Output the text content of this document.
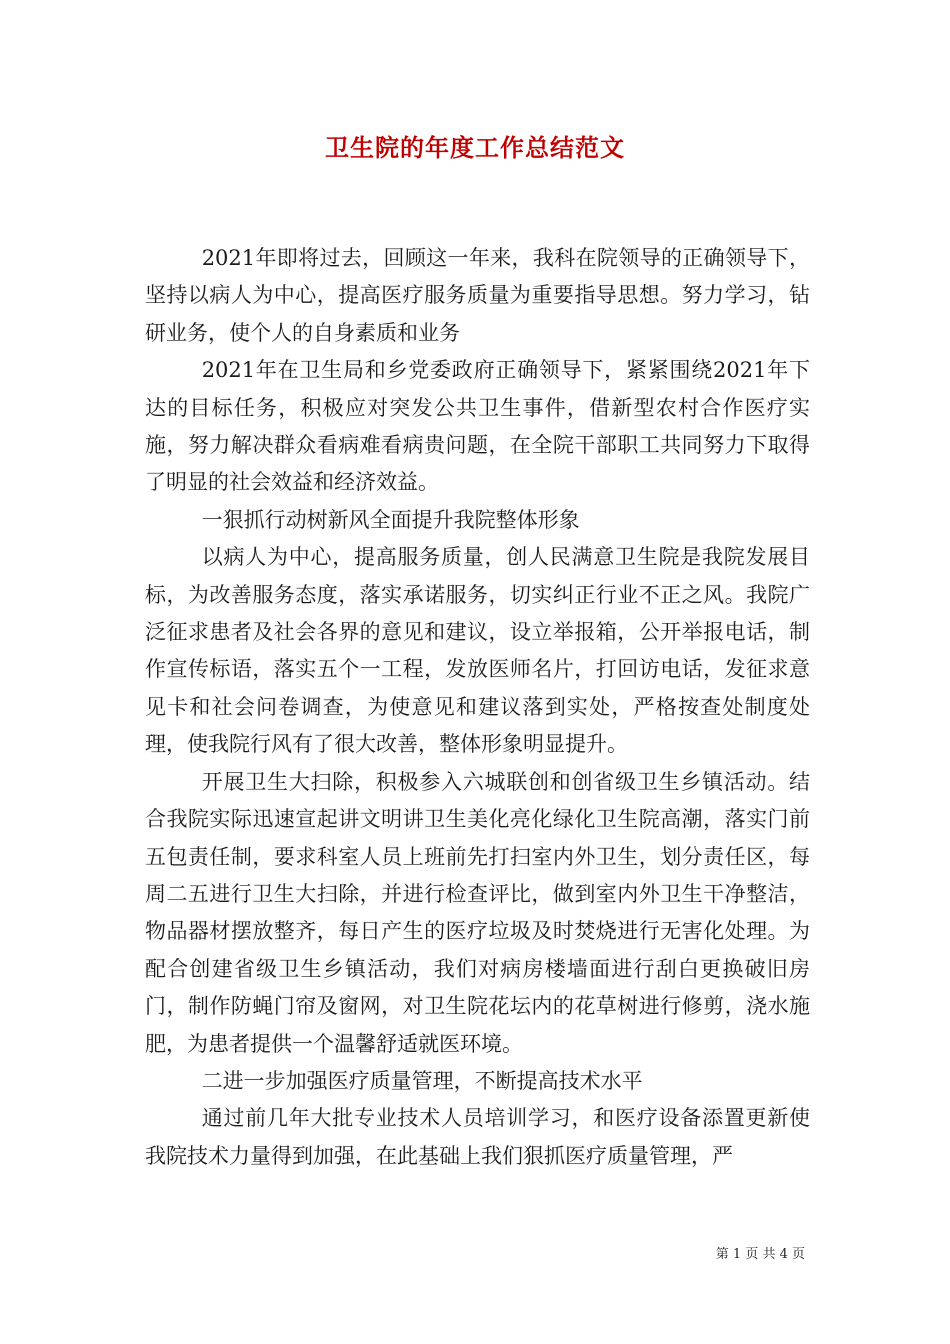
卫生院的年度工作总结范文

2021年即将过去，回顾这一年来，我科在院领导的正确领导下，坚持以病人为中心，提高医疗服务质量为重要指导思想。努力学习，钻研业务，使个人的自身素质和业务

2021年在卫生局和乡党委政府正确领导下，紧紧围绕2021年下达的目标任务，积极应对突发公共卫生事件，借新型农村合作医疗实施，努力解决群众看病难看病贵问题，在全院干部职工共同努力下取得了明显的社会效益和经济效益。

一狠抓行动树新风全面提升我院整体形象

以病人为中心，提高服务质量，创人民满意卫生院是我院发展目标，为改善服务态度，落实承诺服务，切实纠正行业不正之风。我院广泛征求患者及社会各界的意见和建议，设立举报箱，公开举报电话，制作宣传标语，落实五个一工程，发放医师名片，打回访电话，发征求意见卡和社会问卷调查，为使意见和建议落到实处，严格按查处制度处理，使我院行风有了很大改善，整体形象明显提升。

开展卫生大扫除，积极参入六城联创和创省级卫生乡镇活动。结合我院实际迅速宣起讲文明讲卫生美化亮化绿化卫生院高潮，落实门前五包责任制，要求科室人员上班前先打扫室内外卫生，划分责任区，每周二五进行卫生大扫除，并进行检查评比，做到室内外卫生干净整洁，物品器材摆放整齐，每日产生的医疗垃圾及时焚烧进行无害化处理。为配合创建省级卫生乡镇活动，我们对病房楼墙面进行刮白更换破旧房门，制作防蝇门帘及窗网，对卫生院花坛内的花草树进行修剪，浇水施肥，为患者提供一个温馨舒适就医环境。

二进一步加强医疗质量管理，不断提高技术水平

通过前几年大批专业技术人员培训学习，和医疗设备添置更新使我院技术力量得到加强，在此基础上我们狠抓医疗质量管理，严

第 1 页 共 4 页
